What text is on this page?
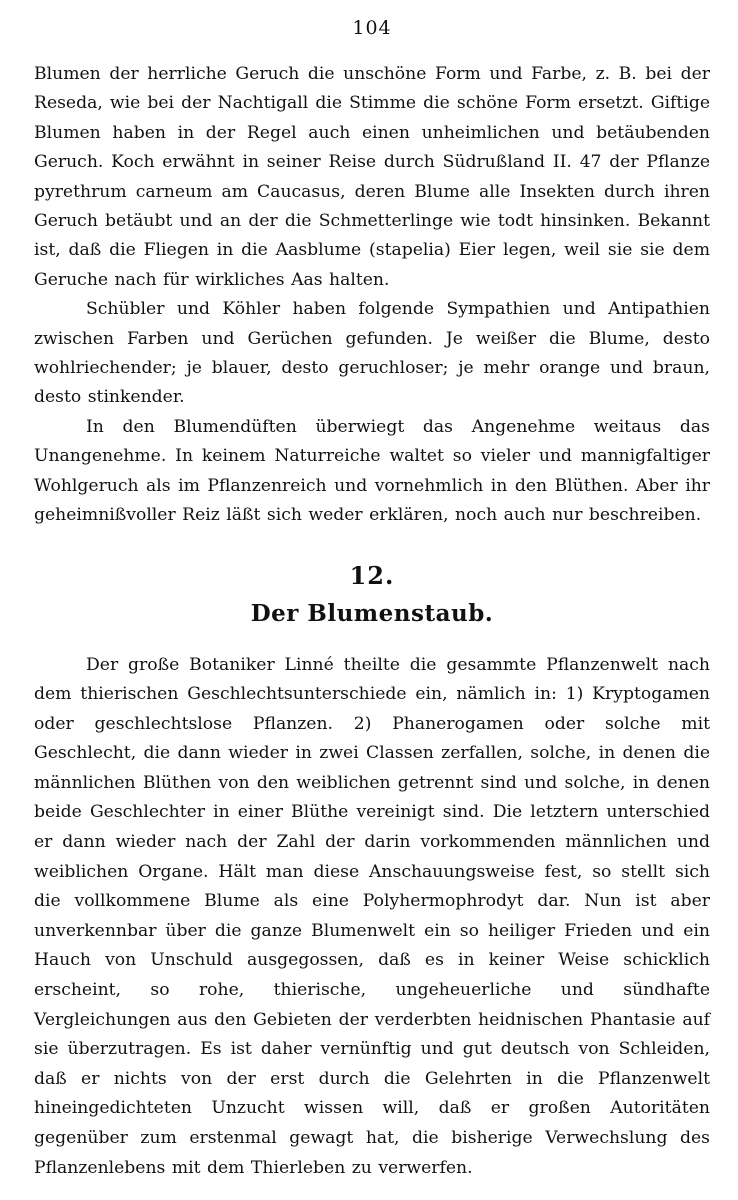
104

Blumen der herrliche Geruch die unschöne Form und Farbe, z. B. bei der Reseda, wie bei der Nachtigall die Stimme die schöne Form ersetzt. Giftige Blumen haben in der Regel auch einen unheimlichen und betäubenden Geruch. Koch erwähnt in seiner Reise durch Südrußland II. 47 der Pflanze pyrethrum carneum am Caucasus, deren Blume alle Insekten durch ihren Geruch betäubt und an der die Schmetterlinge wie todt hinsinken. Bekannt ist, daß die Fliegen in die Aasblume (stapelia) Eier legen, weil sie sie dem Geruche nach für wirkliches Aas halten.

Schübler und Köhler haben folgende Sympathien und Antipathien zwischen Farben und Gerüchen gefunden. Je weißer die Blume, desto wohlriechender; je blauer, desto geruchloser; je mehr orange und braun, desto stinkender.

In den Blumendüften überwiegt das Angenehme weitaus das Unangenehme. In keinem Naturreiche waltet so vieler und mannigfaltiger Wohlgeruch als im Pflanzenreich und vornehmlich in den Blüthen. Aber ihr geheimnißvoller Reiz läßt sich weder erklären, noch auch nur beschreiben.

12.
Der Blumenstaub.

Der große Botaniker Linné theilte die gesammte Pflanzenwelt nach dem thierischen Geschlechtsunterschiede ein, nämlich in: 1) Kryptogamen oder geschlechtslose Pflanzen. 2) Phanerogamen oder solche mit Geschlecht, die dann wieder in zwei Classen zerfallen, solche, in denen die männlichen Blüthen von den weiblichen getrennt sind und solche, in denen beide Geschlechter in einer Blüthe vereinigt sind. Die letztern unterschied er dann wieder nach der Zahl der darin vorkommenden männlichen und weiblichen Organe. Hält man diese Anschauungsweise fest, so stellt sich die vollkommene Blume als eine Polyhermophrodyt dar. Nun ist aber unverkennbar über die ganze Blumenwelt ein so heiliger Frieden und ein Hauch von Unschuld ausgegossen, daß es in keiner Weise schicklich erscheint, so rohe, thierische, ungeheuerliche und sündhafte Vergleichungen aus den Gebieten der verderbten heidnischen Phantasie auf sie überzutragen. Es ist daher vernünftig und gut deutsch von Schleiden, daß er nichts von der erst durch die Gelehrten in die Pflanzenwelt hineingedichteten Unzucht wissen will, daß er großen Autoritäten gegenüber zum erstenmal gewagt hat, die bisherige Verwechslung des Pflanzenlebens mit dem Thierleben zu verwerfen.
